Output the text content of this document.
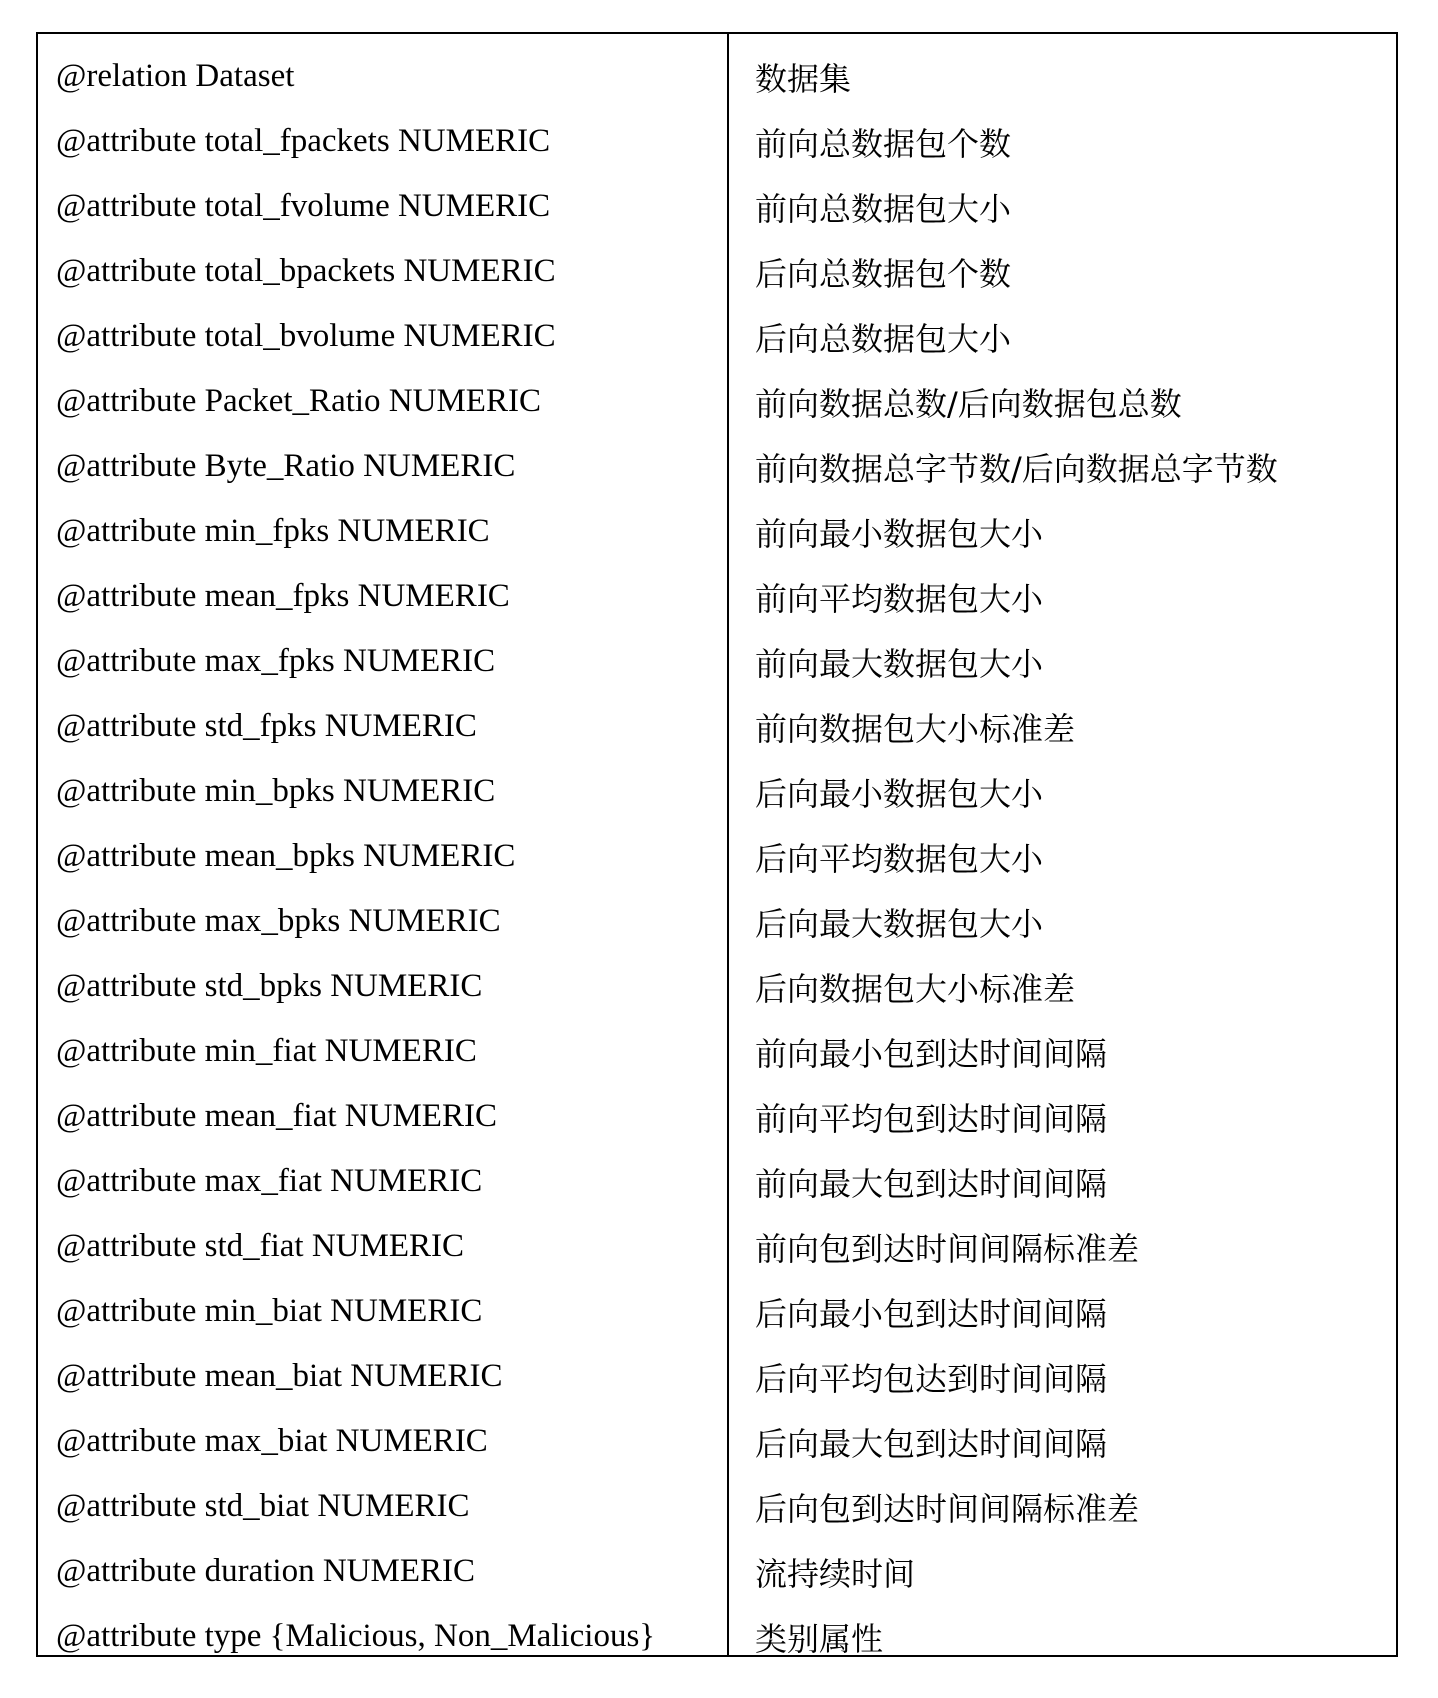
@relation Dataset	数据集
@attribute total_fpackets NUMERIC	前向总数据包个数
@attribute total_fvolume NUMERIC	前向总数据包大小
@attribute total_bpackets NUMERIC	后向总数据包个数
@attribute total_bvolume NUMERIC	后向总数据包大小
@attribute Packet_Ratio NUMERIC	前向数据总数/后向数据包总数
@attribute Byte_Ratio NUMERIC	前向数据总字节数/后向数据总字节数
@attribute min_fpks NUMERIC	前向最小数据包大小
@attribute mean_fpks NUMERIC	前向平均数据包大小
@attribute max_fpks NUMERIC	前向最大数据包大小
@attribute std_fpks NUMERIC	前向数据包大小标准差
@attribute min_bpks NUMERIC	后向最小数据包大小
@attribute mean_bpks NUMERIC	后向平均数据包大小
@attribute max_bpks NUMERIC	后向最大数据包大小
@attribute std_bpks NUMERIC	后向数据包大小标准差
@attribute min_fiat NUMERIC	前向最小包到达时间间隔
@attribute mean_fiat NUMERIC	前向平均包到达时间间隔
@attribute max_fiat NUMERIC	前向最大包到达时间间隔
@attribute std_fiat NUMERIC	前向包到达时间间隔标准差
@attribute min_biat NUMERIC	后向最小包到达时间间隔
@attribute mean_biat NUMERIC	后向平均包达到时间间隔
@attribute max_biat NUMERIC	后向最大包到达时间间隔
@attribute std_biat NUMERIC	后向包到达时间间隔标准差
@attribute duration NUMERIC	流持续时间
@attribute type {Malicious, Non_Malicious}	类别属性
